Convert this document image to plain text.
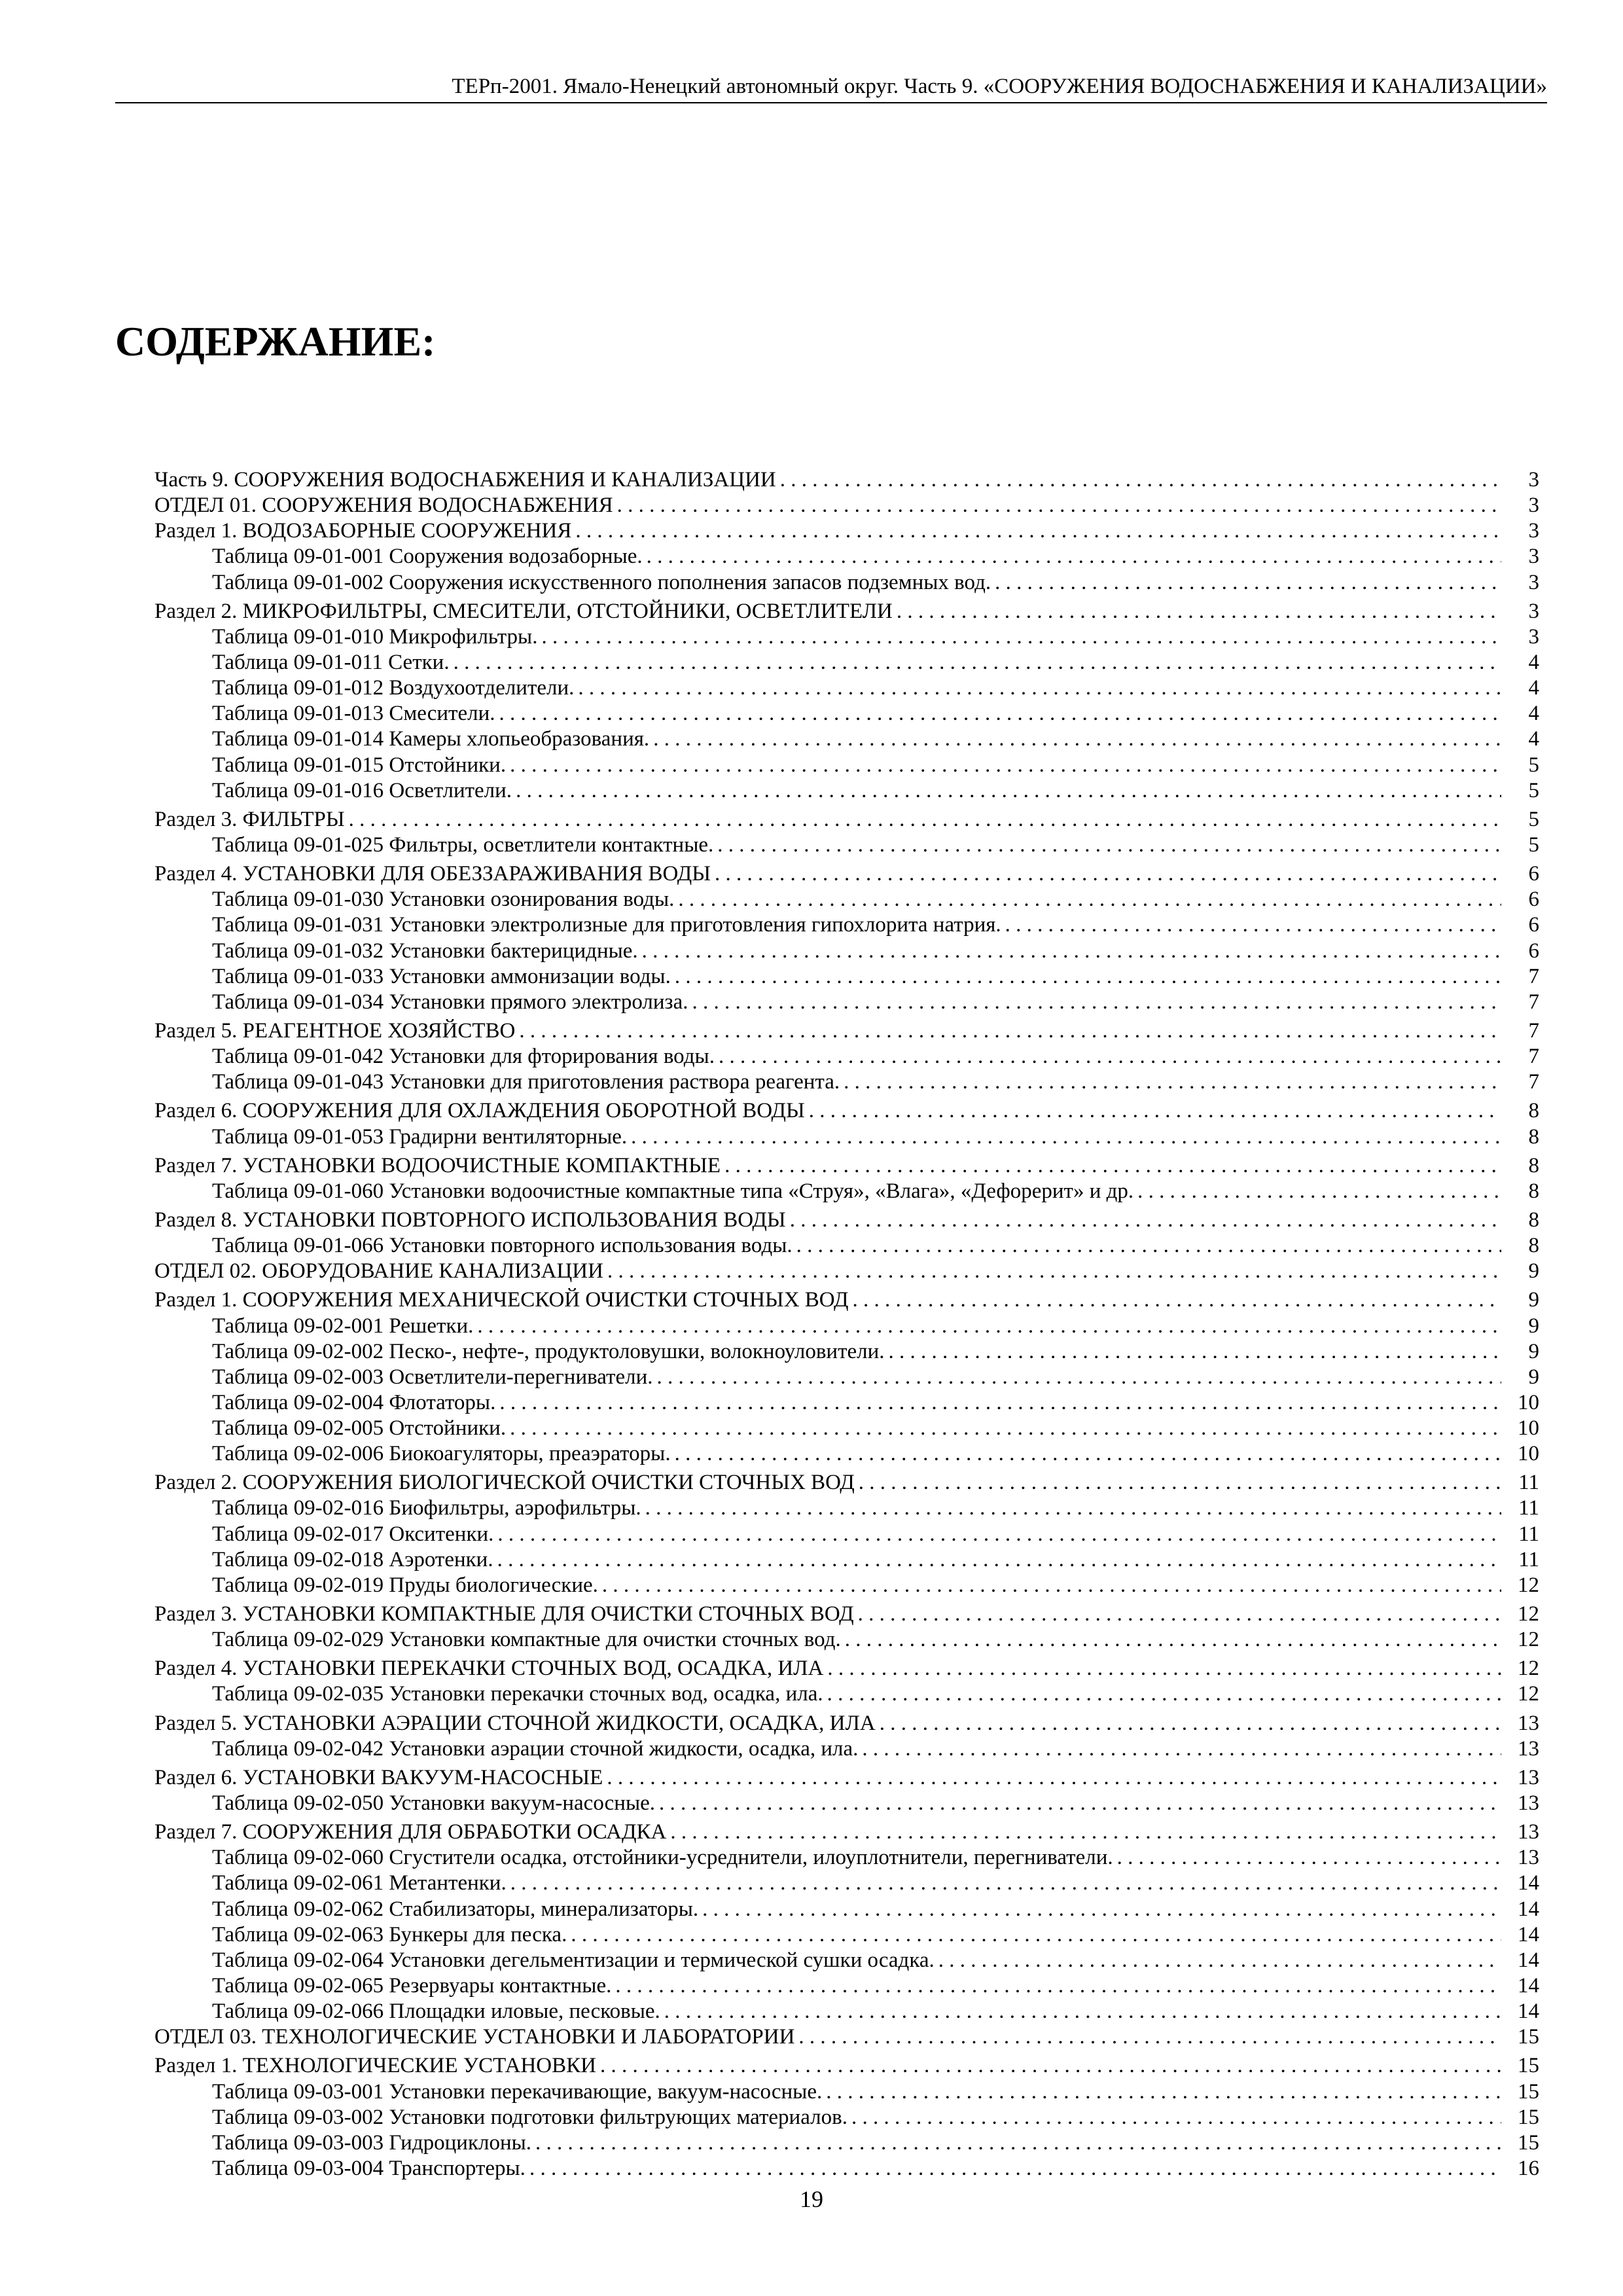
ТЕРп-2001. Ямало-Ненецкий автономный округ. Часть 9. «СООРУЖЕНИЯ ВОДОСНАБЖЕНИЯ И КАНАЛИЗАЦИИ»
СОДЕРЖАНИЕ:
Часть 9. СООРУЖЕНИЯ ВОДОСНАБЖЕНИЯ И КАНАЛИЗАЦИИ . . .	3
ОТДЕЛ 01. СООРУЖЕНИЯ ВОДОСНАБЖЕНИЯ . . .	3
Раздел 1. ВОДОЗАБОРНЫЕ СООРУЖЕНИЯ . . .	3
Таблица 09-01-001 Сооружения водозаборные. . . .	3
Таблица 09-01-002 Сооружения искусственного пополнения запасов подземных вод. . . .	3
Раздел 2. МИКРОФИЛЬТРЫ, СМЕСИТЕЛИ, ОТСТОЙНИКИ, ОСВЕТЛИТЕЛИ . . .	3
Таблица 09-01-010 Микрофильтры. . . .	3
Таблица 09-01-011 Сетки. . . .	4
Таблица 09-01-012 Воздухоотделители. . . .	4
Таблица 09-01-013 Смесители. . . .	4
Таблица 09-01-014 Камеры хлопьеобразования. . . .	4
Таблица 09-01-015 Отстойники. . . .	5
Таблица 09-01-016 Осветлители. . . .	5
Раздел 3. ФИЛЬТРЫ . . .	5
Таблица 09-01-025 Фильтры, осветлители контактные. . . .	5
Раздел 4. УСТАНОВКИ ДЛЯ ОБЕЗЗАРАЖИВАНИЯ ВОДЫ . . .	6
Таблица 09-01-030 Установки озонирования воды. . . .	6
Таблица 09-01-031 Установки электролизные для приготовления гипохлорита натрия. . . .	6
Таблица 09-01-032 Установки бактерицидные. . . .	6
Таблица 09-01-033 Установки аммонизации воды. . . .	7
Таблица 09-01-034 Установки прямого электролиза. . . .	7
Раздел 5. РЕАГЕНТНОЕ ХОЗЯЙСТВО . . .	7
Таблица 09-01-042 Установки для фторирования воды. . . .	7
Таблица 09-01-043 Установки для приготовления раствора реагента. . . .	7
Раздел 6. СООРУЖЕНИЯ ДЛЯ ОХЛАЖДЕНИЯ ОБОРОТНОЙ ВОДЫ . . .	8
Таблица 09-01-053 Градирни вентиляторные. . . .	8
Раздел 7. УСТАНОВКИ ВОДООЧИСТНЫЕ КОМПАКТНЫЕ . . .	8
Таблица 09-01-060 Установки водоочистные компактные типа «Струя», «Влага», «Дефорерит» и др. . . .	8
Раздел 8. УСТАНОВКИ ПОВТОРНОГО ИСПОЛЬЗОВАНИЯ ВОДЫ . . .	8
Таблица 09-01-066 Установки повторного использования воды. . . .	8
ОТДЕЛ 02. ОБОРУДОВАНИЕ КАНАЛИЗАЦИИ . . .	9
Раздел 1. СООРУЖЕНИЯ МЕХАНИЧЕСКОЙ ОЧИСТКИ СТОЧНЫХ ВОД . . .	9
Таблица 09-02-001 Решетки. . . .	9
Таблица 09-02-002 Песко-, нефте-, продуктоловушки, волокноуловители. . . .	9
Таблица 09-02-003 Осветлители-перегниватели. . . .	9
Таблица 09-02-004 Флотаторы. . . .	10
Таблица 09-02-005 Отстойники. . . .	10
Таблица 09-02-006 Биокоагуляторы, преаэраторы. . . .	10
Раздел 2. СООРУЖЕНИЯ БИОЛОГИЧЕСКОЙ ОЧИСТКИ СТОЧНЫХ ВОД . . .	11
Таблица 09-02-016 Биофильтры, аэрофильтры. . . .	11
Таблица 09-02-017 Окситенки. . . .	11
Таблица 09-02-018 Аэротенки. . . .	11
Таблица 09-02-019 Пруды биологические. . . .	12
Раздел 3. УСТАНОВКИ КОМПАКТНЫЕ ДЛЯ ОЧИСТКИ СТОЧНЫХ ВОД . . .	12
Таблица 09-02-029 Установки компактные для очистки сточных вод. . . .	12
Раздел 4. УСТАНОВКИ ПЕРЕКАЧКИ СТОЧНЫХ ВОД, ОСАДКА, ИЛА . . .	12
Таблица 09-02-035 Установки перекачки сточных вод, осадка, ила. . . .	12
Раздел 5. УСТАНОВКИ АЭРАЦИИ СТОЧНОЙ ЖИДКОСТИ, ОСАДКА, ИЛА . . .	13
Таблица 09-02-042 Установки аэрации сточной жидкости, осадка, ила. . . .	13
Раздел 6. УСТАНОВКИ ВАКУУМ-НАСОСНЫЕ . . .	13
Таблица 09-02-050 Установки вакуум-насосные. . . .	13
Раздел 7. СООРУЖЕНИЯ ДЛЯ ОБРАБОТКИ ОСАДКА . . .	13
Таблица 09-02-060 Сгустители осадка, отстойники-усреднители, илоуплотнители, перегниватели. . . .	13
Таблица 09-02-061 Метантенки. . . .	14
Таблица 09-02-062 Стабилизаторы, минерализаторы. . . .	14
Таблица 09-02-063 Бункеры для песка. . . .	14
Таблица 09-02-064 Установки дегельментизации и термической сушки осадка. . . .	14
Таблица 09-02-065 Резервуары контактные. . . .	14
Таблица 09-02-066 Площадки иловые, песковые. . . .	14
ОТДЕЛ 03. ТЕХНОЛОГИЧЕСКИЕ УСТАНОВКИ И ЛАБОРАТОРИИ . . .	15
Раздел 1. ТЕХНОЛОГИЧЕСКИЕ УСТАНОВКИ . . .	15
Таблица 09-03-001 Установки перекачивающие, вакуум-насосные. . . .	15
Таблица 09-03-002 Установки подготовки фильтрующих материалов. . . .	15
Таблица 09-03-003 Гидроциклоны. . . .	15
Таблица 09-03-004 Транспортеры. . . .	16
19
